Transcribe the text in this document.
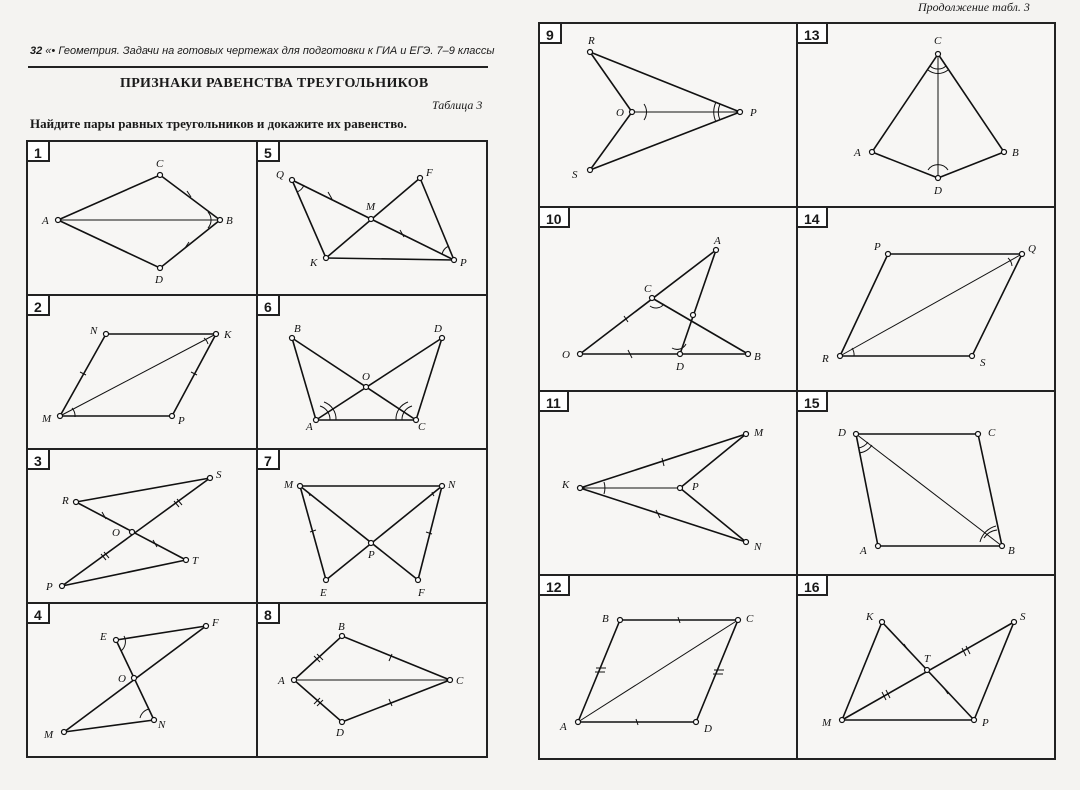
Продолжение табл. 3
32 «• Геометрия. Задачи на готовых чертежах для подготовки к ГИА и ЕГЭ. 7–9 классы
ПРИЗНАКИ РАВЕНСТВА ТРЕУГОЛЬНИКОВ
Таблица 3
Найдите пары равных треугольников и докажите их равенство.
1
A
C
B
D
2
M
N	K
P
3
R
S
O
P
T
4
E
F
O
M
N
5
Q	F
M
K	P
6
B	D
O
A	C
7
M	N
P
E	F
8
B
A	C
D
9	R
O	P
S
13	C
A	B
D
10
A
C
O
D
B
14
P	Q
R	S
11
M
K	P
N
15
D	C
A	B
12
B	C
A	D
16
K	S
T
M	P
